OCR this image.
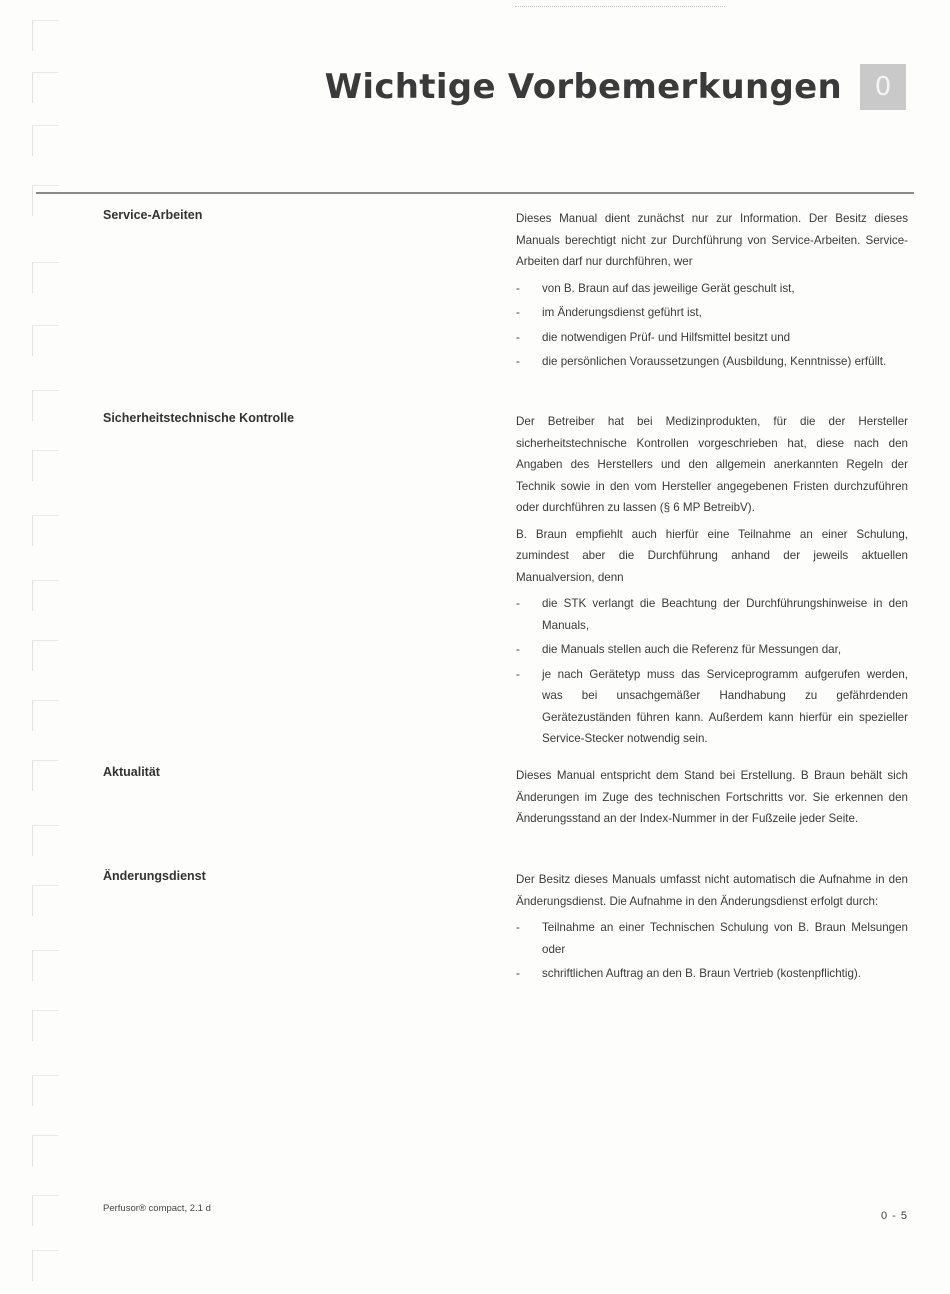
Wichtige Vorbemerkungen	0
Service-Arbeiten	Dieses Manual dient zunächst nur zur Information. Der Besitz dieses Manuals berechtigt nicht zur Durchführung von Service-Arbeiten. Service-Arbeiten darf nur durchführen, wer

- von B. Braun auf das jeweilige Gerät geschult ist,
- im Änderungsdienst geführt ist,
- die notwendigen Prüf- und Hilfsmittel besitzt und
- die persönlichen Voraussetzungen (Ausbildung, Kenntnisse) erfüllt.
Sicherheitstechnische Kontrolle	Der Betreiber hat bei Medizinprodukten, für die der Hersteller sicherheitstechnische Kontrollen vorgeschrieben hat, diese nach den Angaben des Herstellers und den allgemein anerkannten Regeln der Technik sowie in den vom Hersteller angegebenen Fristen durchzuführen oder durchführen zu lassen (§ 6 MP BetreibV).

B. Braun empfiehlt auch hierfür eine Teilnahme an einer Schulung, zumindest aber die Durchführung anhand der jeweils aktuellen Manualversion, denn

- die STK verlangt die Beachtung der Durchführungshinweise in den Manuals,
- die Manuals stellen auch die Referenz für Messungen dar,
- je nach Gerätetyp muss das Serviceprogramm aufgerufen werden, was bei unsachgemäßer Handhabung zu gefährdenden Gerätezuständen führen kann. Außerdem kann hierfür ein spezieller Service-Stecker notwendig sein.
Aktualität	Dieses Manual entspricht dem Stand bei Erstellung. B Braun behält sich Änderungen im Zuge des technischen Fortschritts vor. Sie erkennen den Änderungsstand an der Index-Nummer in der Fußzeile jeder Seite.

Änderungsdienst	Der Besitz dieses Manuals umfasst nicht automatisch die Aufnahme in den Änderungsdienst. Die Aufnahme in den Änderungsdienst erfolgt durch:

- Teilnahme an einer Technischen Schulung von B. Braun Melsungen oder
- schriftlichen Auftrag an den B. Braun Vertrieb (kostenpflichtig).
Perfusor® compact, 2.1 d
0 - 5
